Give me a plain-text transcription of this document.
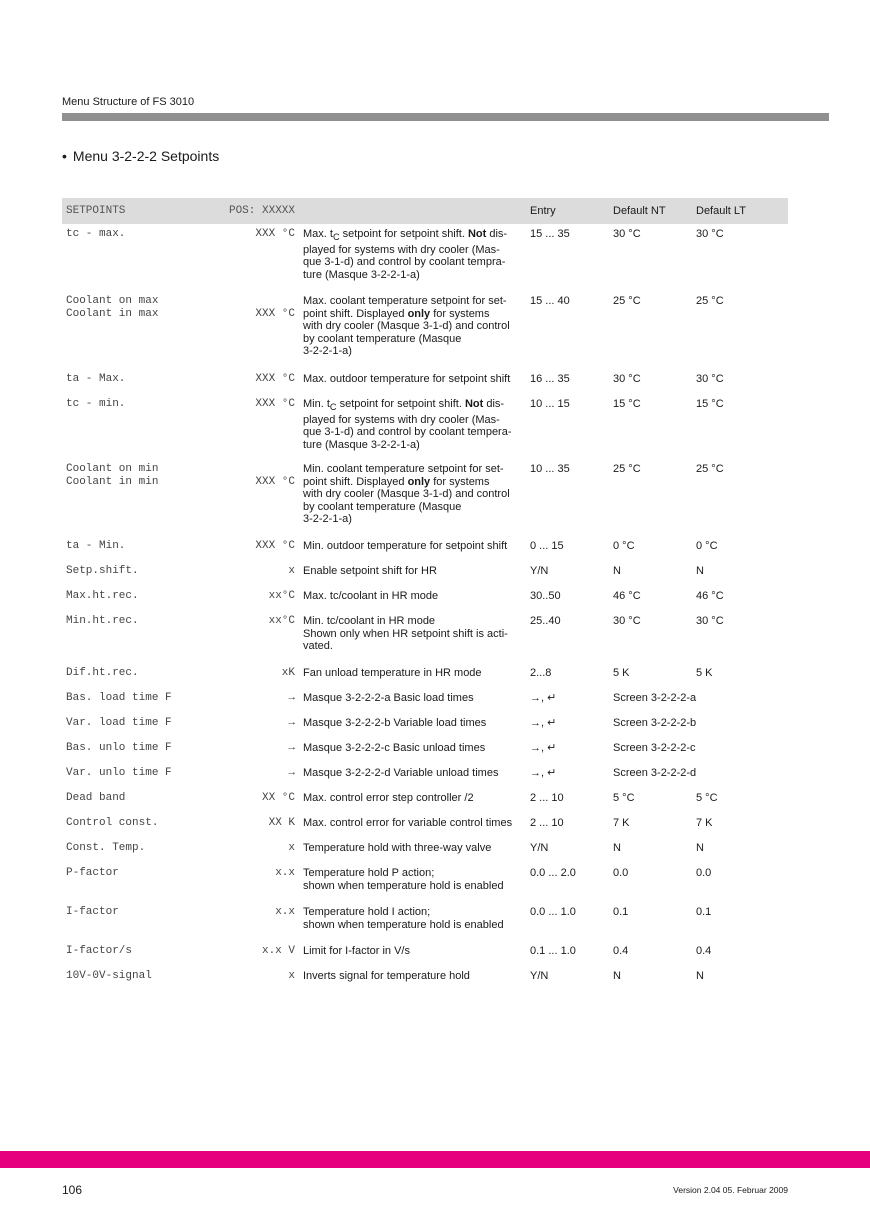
Menu Structure of FS 3010
• Menu 3-2-2-2 Setpoints
SETPOINTS	POS: XXXXX		Entry	Default NT	Default LT
tc - max.	XXX °C	Max. $t_C$ setpoint for setpoint shift. Not dis-
played for systems with dry cooler (Mas-
que 3-1-d) and control by coolant tempra-
ture (Masque 3-2-2-1-a)	15 ... 35	30 °C	30 °C
Coolant on max
Coolant in max	
XXX °C	Max. coolant temperature setpoint for set-
point shift. Displayed only for systems
with dry cooler (Masque 3-1-d) and control
by coolant temperature (Masque
3-2-2-1-a)	15 ... 40	25 °C	25 °C
ta - Max.	XXX °C	Max. outdoor temperature for setpoint shift	16 ... 35	30 °C	30 °C
tc - min.	XXX °C	Min. $t_C$ setpoint for setpoint shift. Not dis-
played for systems with dry cooler (Mas-
que 3-1-d) and control by coolant tempera-
ture (Masque 3-2-2-1-a)	10 ... 15	15 °C	15 °C
Coolant on min
Coolant in min	
XXX °C	Min. coolant temperature setpoint for set-
point shift. Displayed only for systems
with dry cooler (Masque 3-1-d) and control
by coolant temperature (Masque
3-2-2-1-a)	10 ... 35	25 °C	25 °C
ta - Min.	XXX °C	Min. outdoor temperature for setpoint shift	0 ... 15	0 °C	0 °C
Setp.shift.	x	Enable setpoint shift for HR	Y/N	N	N
Max.ht.rec.	xx°C	Max. tc/coolant in HR mode	30..50	46 °C	46 °C
Min.ht.rec.	xx°C	Min. tc/coolant in HR mode
Shown only when HR setpoint shift is acti-
vated.	25..40	30 °C	30 °C
Dif.ht.rec.	xK	Fan unload temperature in HR mode	2...8	5 K	5 K
Bas. load time F	→	Masque 3-2-2-2-a Basic load times	→, ↵	Screen 3-2-2-2-a	
Var. load time F	→	Masque 3-2-2-2-b Variable load times	→, ↵	Screen 3-2-2-2-b	
Bas. unlo time F	→	Masque 3-2-2-2-c Basic unload times	→, ↵	Screen 3-2-2-2-c	
Var. unlo time F	→	Masque 3-2-2-2-d Variable unload times	→, ↵	Screen 3-2-2-2-d	
Dead band	XX °C	Max. control error step controller /2	2 ... 10	5 °C	5 °C
Control const.	XX K	Max. control error for variable control times	2 ... 10	7 K	7 K
Const. Temp.	x	Temperature hold with three-way valve	Y/N	N	N
P-factor	x.x	Temperature hold P action;
shown when temperature hold is enabled	0.0 ... 2.0	0.0	0.0
I-factor	x.x	Temperature hold I action;
shown when temperature hold is enabled	0.0 ... 1.0	0.1	0.1
I-factor/s	x.x V	Limit for I-factor in V/s	0.1 ... 1.0	0.4	0.4
10V-0V-signal	x	Inverts signal for temperature hold	Y/N	N	N
106	Version 2.04 05. Februar 2009
